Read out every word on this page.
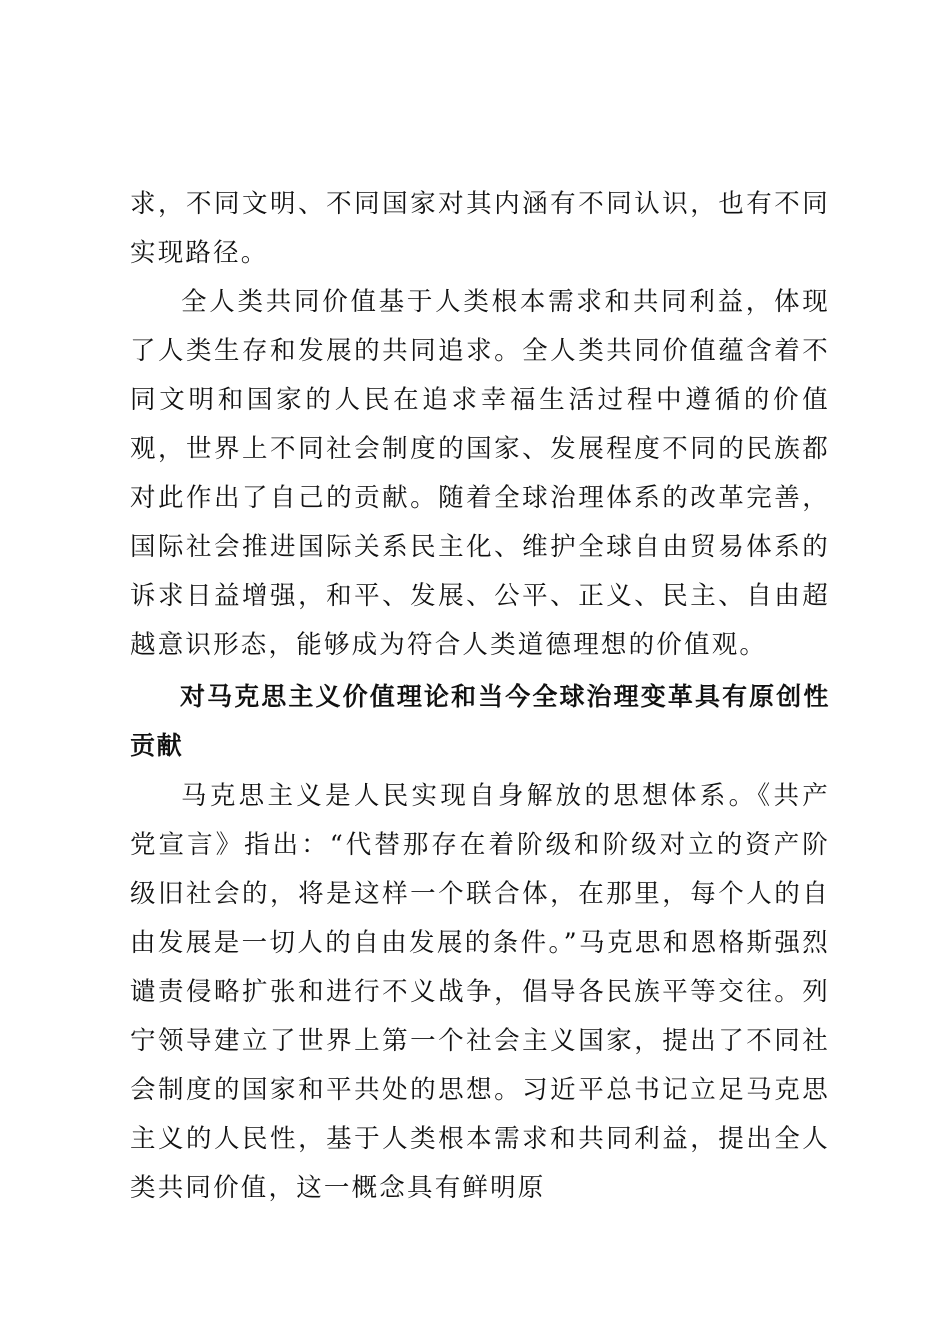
求，不同文明、不同国家对其内涵有不同认识，也有不同实现路径。

全人类共同价值基于人类根本需求和共同利益，体现了人类生存和发展的共同追求。全人类共同价值蕴含着不同文明和国家的人民在追求幸福生活过程中遵循的价值观，世界上不同社会制度的国家、发展程度不同的民族都对此作出了自己的贡献。随着全球治理体系的改革完善，国际社会推进国际关系民主化、维护全球自由贸易体系的诉求日益增强，和平、发展、公平、正义、民主、自由超越意识形态，能够成为符合人类道德理想的价值观。

对马克思主义价值理论和当今全球治理变革具有原创性贡献

马克思主义是人民实现自身解放的思想体系。《共产党宣言》指出：“代替那存在着阶级和阶级对立的资产阶级旧社会的，将是这样一个联合体，在那里，每个人的自由发展是一切人的自由发展的条件。”马克思和恩格斯强烈谴责侵略扩张和进行不义战争，倡导各民族平等交往。列宁领导建立了世界上第一个社会主义国家，提出了不同社会制度的国家和平共处的思想。习近平总书记立足马克思主义的人民性，基于人类根本需求和共同利益，提出全人类共同价值，这一概念具有鲜明原
